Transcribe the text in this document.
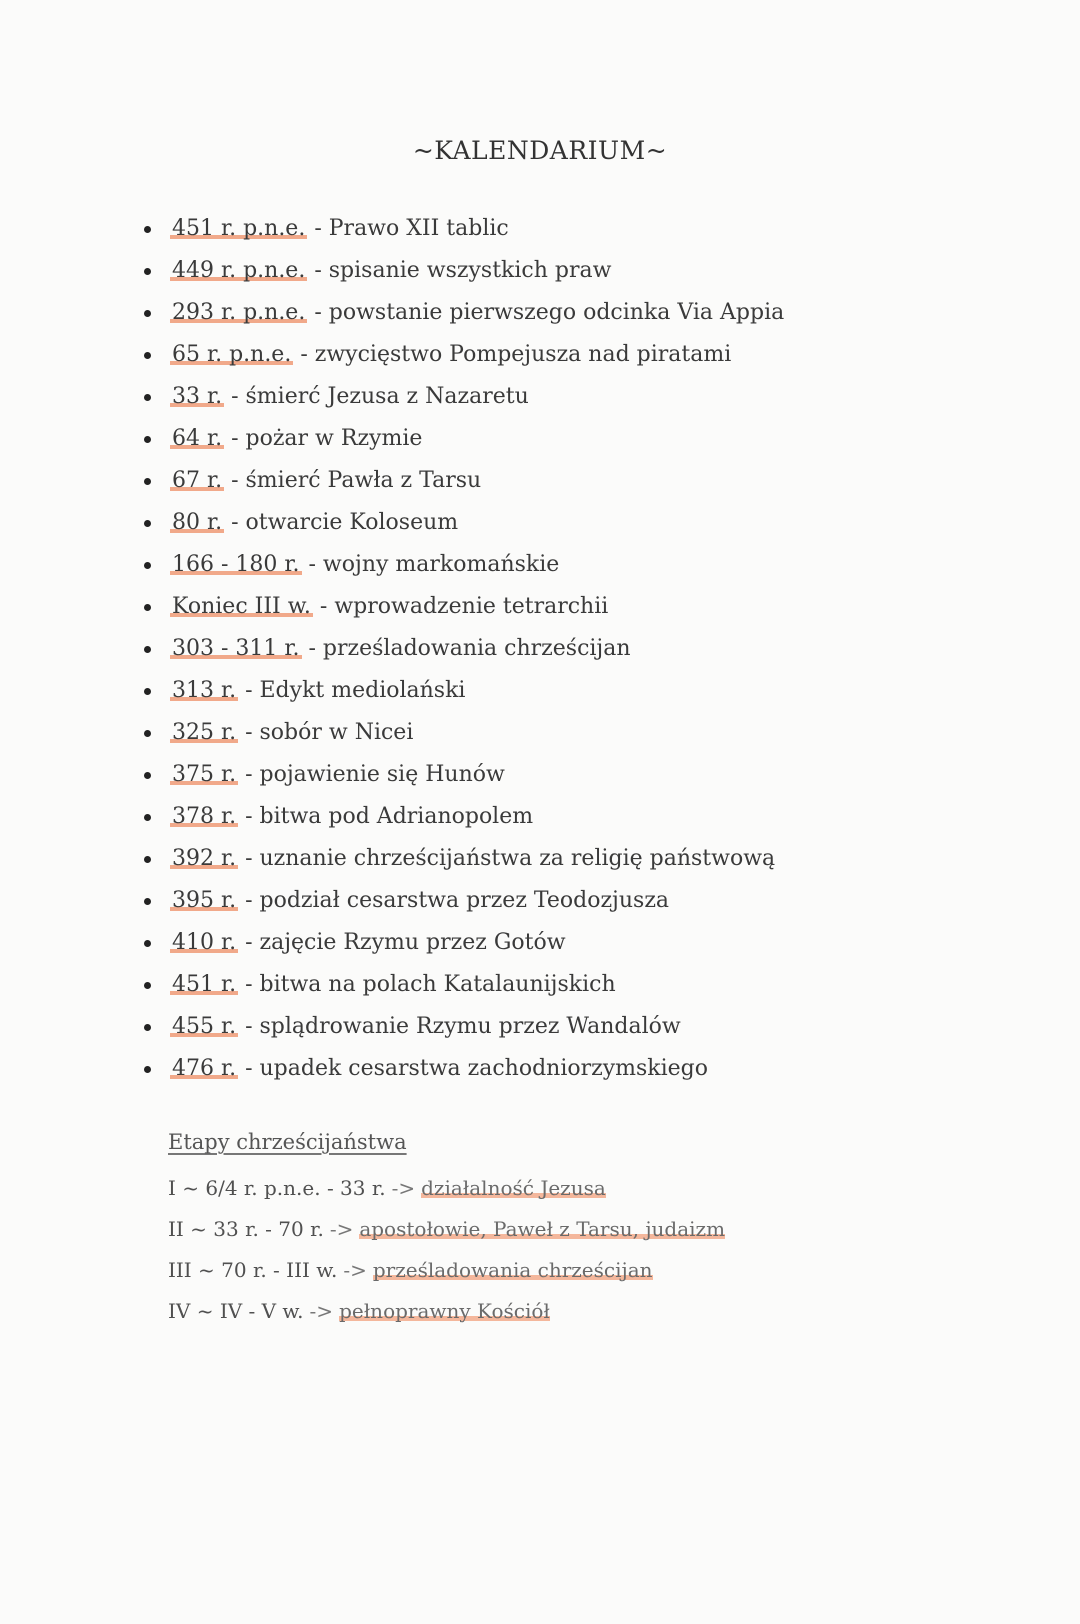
~KALENDARIUM~
451 r. p.n.e. - Prawo XII tablic
449 r. p.n.e. - spisanie wszystkich praw
293 r. p.n.e. - powstanie pierwszego odcinka Via Appia
65 r. p.n.e. - zwycięstwo Pompejusza nad piratami
33 r. - śmierć Jezusa z Nazaretu
64 r. - pożar w Rzymie
67 r. - śmierć Pawła z Tarsu
80 r. - otwarcie Koloseum
166 - 180 r. - wojny markomańskie
Koniec III w. - wprowadzenie tetrarchii
303 - 311 r. - prześladowania chrześcijan
313 r. - Edykt mediolański
325 r. - sobór w Nicei
375 r. - pojawienie się Hunów
378 r. - bitwa pod Adrianopolem
392 r. - uznanie chrześcijaństwa za religię państwową
395 r. - podział cesarstwa przez Teodozjusza
410 r. - zajęcie Rzymu przez Gotów
451 r. - bitwa na polach Katalaunijskich
455 r. - splądrowanie Rzymu przez Wandalów
476 r. - upadek cesarstwa zachodniorzymskiego
Etapy chrześcijaństwa
I ~ 6/4 r. p.n.e. - 33 r. -> działalność Jezusa
II ~ 33 r. - 70 r. -> apostołowie, Paweł z Tarsu, judaizm
III ~ 70 r. - III w. -> prześladowania chrześcijan
IV ~ IV - V w. -> pełnoprawny Kościół
